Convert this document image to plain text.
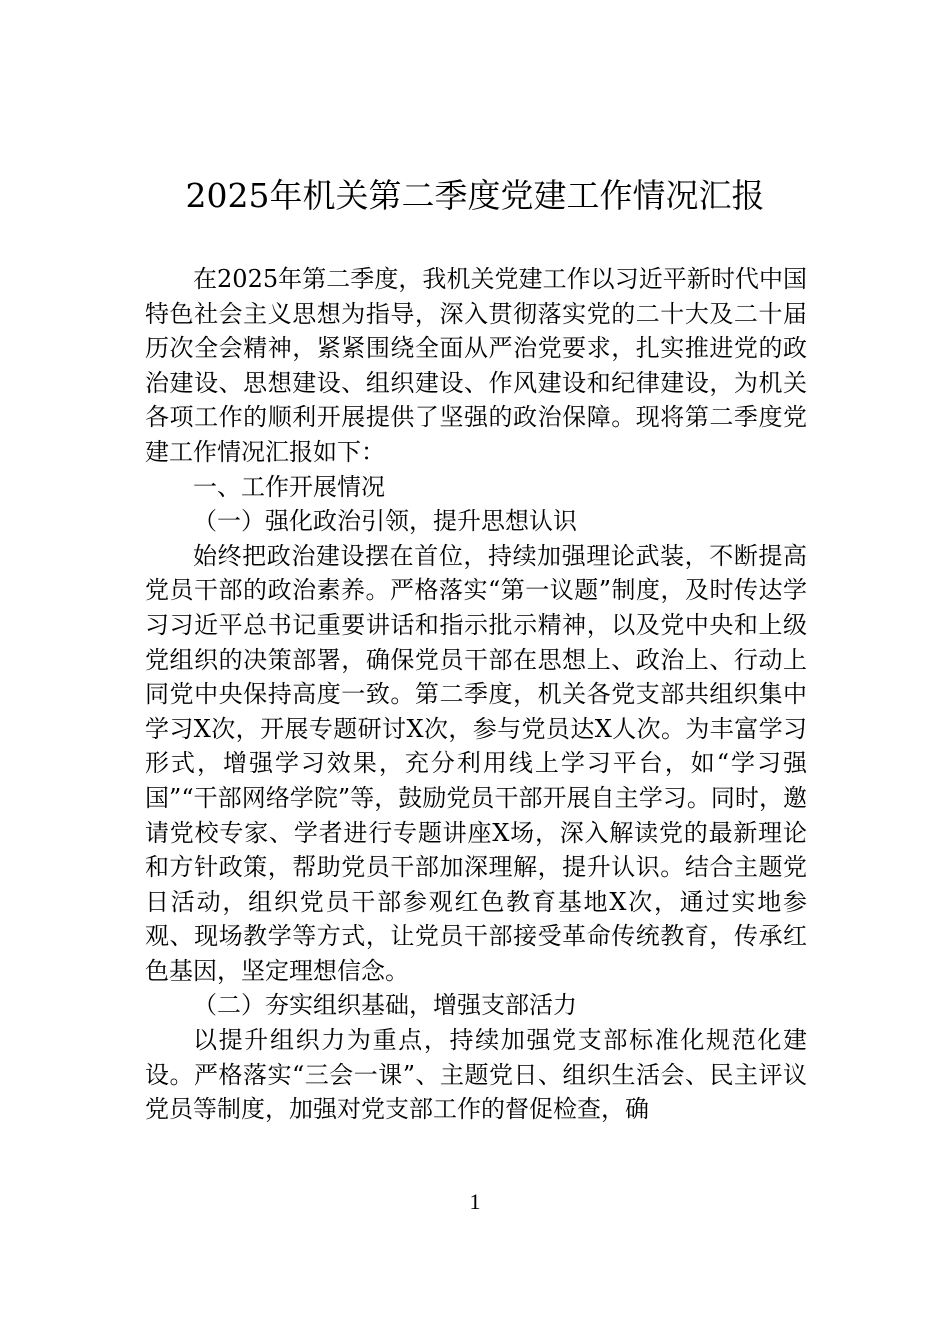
2025年机关第二季度党建工作情况汇报

在2025年第二季度，我机关党建工作以习近平新时代中国特色社会主义思想为指导，深入贯彻落实党的二十大及二十届历次全会精神，紧紧围绕全面从严治党要求，扎实推进党的政治建设、思想建设、组织建设、作风建设和纪律建设，为机关各项工作的顺利开展提供了坚强的政治保障。现将第二季度党建工作情况汇报如下：

一、工作开展情况

（一）强化政治引领，提升思想认识

始终把政治建设摆在首位，持续加强理论武装，不断提高党员干部的政治素养。严格落实“第一议题”制度，及时传达学习习近平总书记重要讲话和指示批示精神，以及党中央和上级党组织的决策部署，确保党员干部在思想上、政治上、行动上同党中央保持高度一致。第二季度，机关各党支部共组织集中学习X次，开展专题研讨X次，参与党员达X人次。为丰富学习形式，增强学习效果，充分利用线上学习平台，如“学习强国”“干部网络学院”等，鼓励党员干部开展自主学习。同时，邀请党校专家、学者进行专题讲座X场，深入解读党的最新理论和方针政策，帮助党员干部加深理解，提升认识。结合主题党日活动，组织党员干部参观红色教育基地X次，通过实地参观、现场教学等方式，让党员干部接受革命传统教育，传承红色基因，坚定理想信念。

（二）夯实组织基础，增强支部活力

以提升组织力为重点，持续加强党支部标准化规范化建设。严格落实“三会一课”、主题党日、组织生活会、民主评议党员等制度，加强对党支部工作的督促检查，确

1
